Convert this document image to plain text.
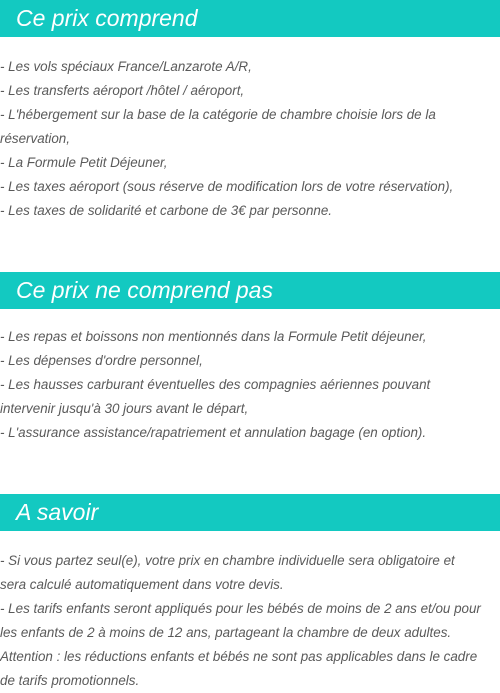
Ce prix comprend
- Les vols spéciaux France/Lanzarote A/R,
- Les transferts aéroport /hôtel / aéroport,
- L'hébergement sur la base de la catégorie de chambre choisie lors de la
réservation,
- La Formule Petit Déjeuner,
- Les taxes aéroport (sous réserve de modification lors de votre réservation),
- Les taxes de solidarité et carbone de 3€ par personne.
Ce prix ne comprend pas
- Les repas et boissons non mentionnés dans la Formule Petit déjeuner,
- Les dépenses d'ordre personnel,
- Les hausses carburant éventuelles des compagnies aériennes pouvant
intervenir jusqu'à 30 jours avant le départ,
- L'assurance assistance/rapatriement et annulation bagage (en option).
A savoir
- Si vous partez seul(e), votre prix en chambre individuelle sera obligatoire et
sera calculé automatiquement dans votre devis.
- Les tarifs enfants seront appliqués pour les bébés de moins de 2 ans et/ou pour
les enfants de 2 à moins de 12 ans, partageant la chambre de deux adultes.
Attention : les réductions enfants et bébés ne sont pas applicables dans le cadre
de tarifs promotionnels.
